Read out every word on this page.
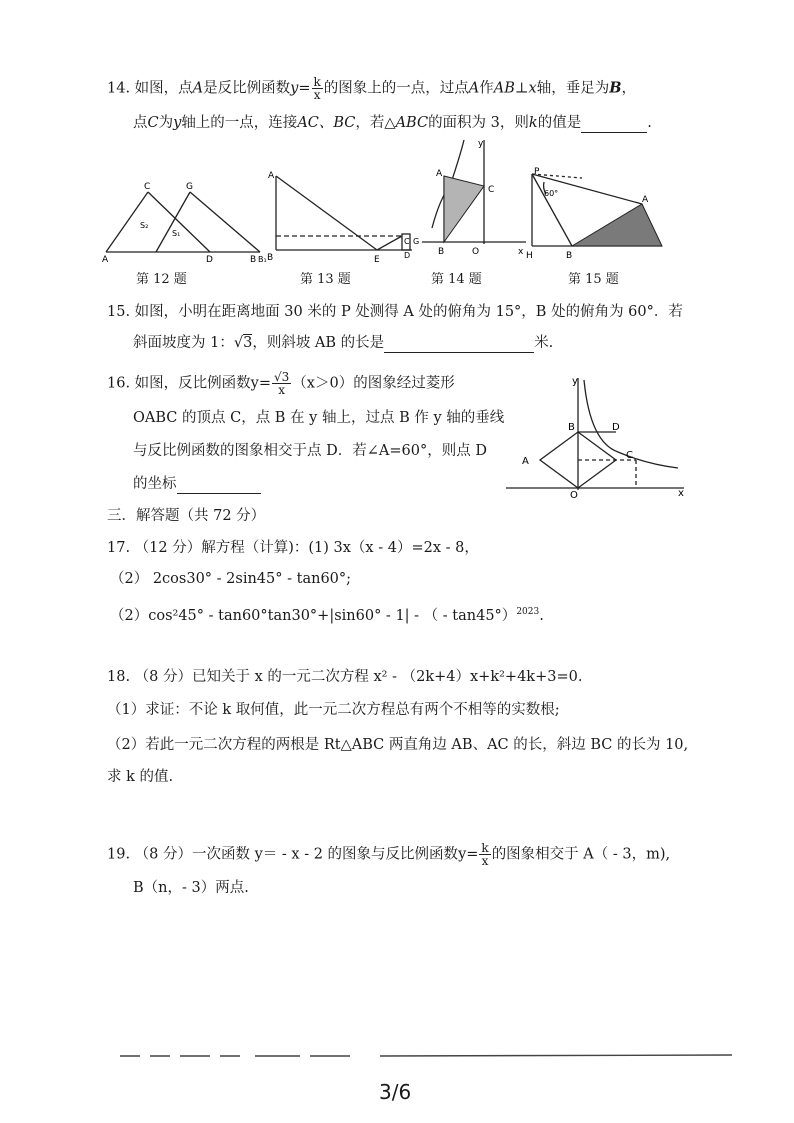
14. 如图，点A是反比例函数$y= \frac{k}{x}$ 的图象上的一点，过点A作AB⊥x轴，垂足为B，
点C为y轴上的一点，连接AC、BC，若△ABC的面积为 3，则k的值是	.
C	G
S₂
S₁
A	D	B B₁
第 12 题
A
B	E
C
D
G
第 13 题
y
A
C
B	O	x
第 14 题
P
60°
A
H	B
第 15 题
15. 如图，小明在距离地面 30 米的 P 处测得 A 处的俯角为 15°，B 处的俯角为 60°．若
斜面坡度为 1：√3，则斜坡 AB 的长是	米.
16. 如图，反比例函数$y= \frac{√3}{x} (x>0)$的图象经过菱形
OABC 的顶点 C，点 B 在 y 轴上，过点 B 作 y 轴的垂线
与反比例函数的图象相交于点 D．若∠A=60°，则点 D
的坐标
y
B	D
A
C
O	x
三．解答题（共 72 分）
17. （12 分）解方程（计算)：(1) 3x（x - 4）=2x - 8，
（2） 2cos30° - 2sin45° - tan60°;
（2）cos²45° - tan60°tan30°+|sin60° - 1| - （ - tan45°）$^{2023}$.
18. （8 分）已知关于 x 的一元二次方程 x² - （2k+4）x+k²+4k+3=0.
（1）求证：不论 k 取何值，此一元二次方程总有两个不相等的实数根;
（2）若此一元二次方程的两根是 Rt△ABC 两直角边 AB、AC 的长，斜边 BC 的长为 10,
求 k 的值.
19. （8 分）一次函数 y＝ - x - 2 的图象与反比例函数$y= \frac{k}{x}$ 的图象相交于 A（ - 3，m),
B（n，- 3）两点.
3/6
